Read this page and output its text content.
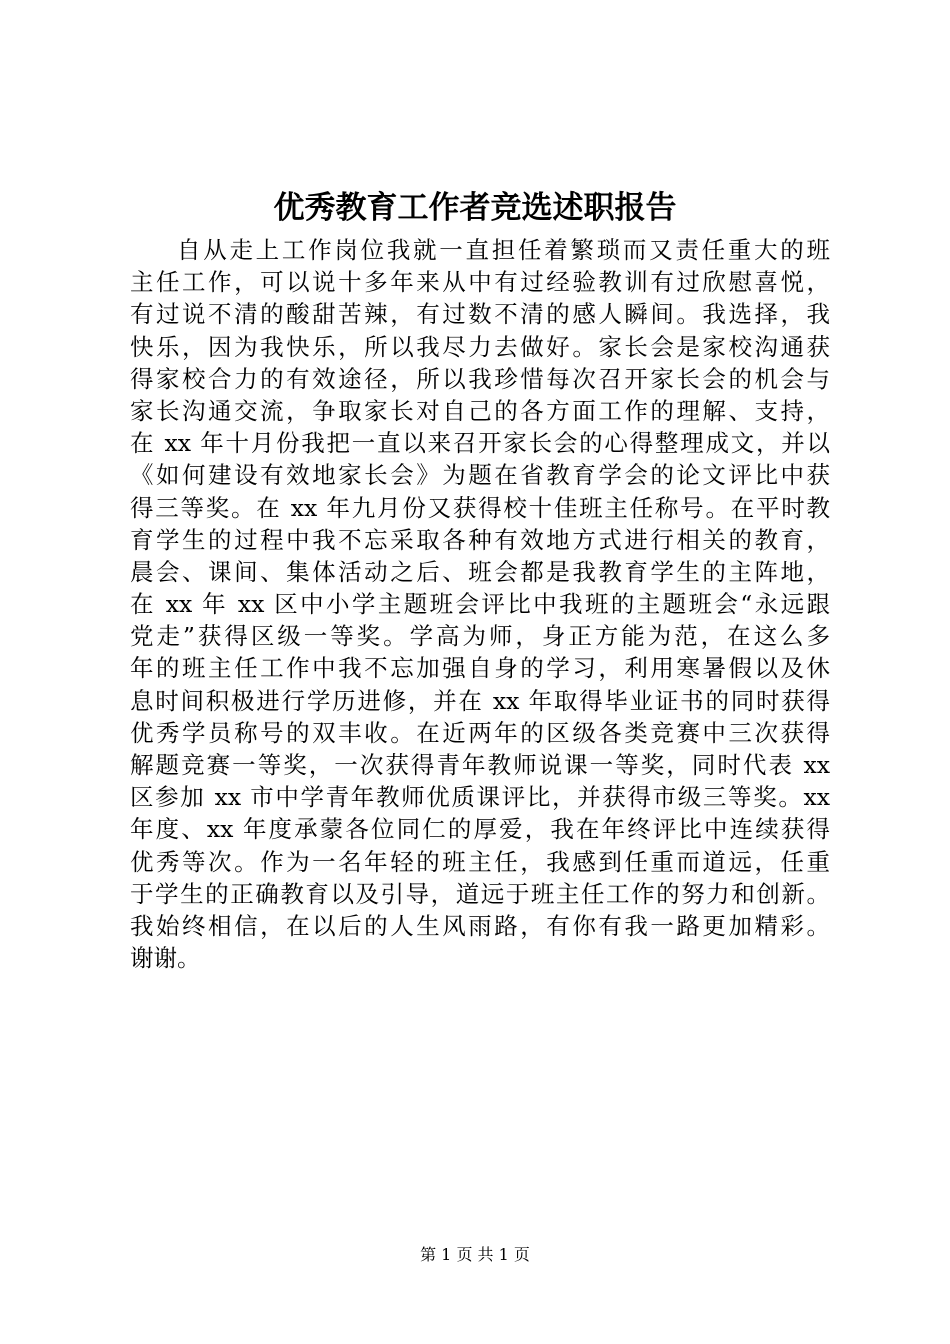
优秀教育工作者竞选述职报告
自从走上工作岗位我就一直担任着繁琐而又责任重大的班
主任工作，可以说十多年来从中有过经验教训有过欣慰喜悦，
有过说不清的酸甜苦辣，有过数不清的感人瞬间。我选择，我
快乐，因为我快乐，所以我尽力去做好。家长会是家校沟通获
得家校合力的有效途径，所以我珍惜每次召开家长会的机会与
家长沟通交流，争取家长对自己的各方面工作的理解、支持，
在 xx 年十月份我把一直以来召开家长会的心得整理成文，并以
《如何建设有效地家长会》为题在省教育学会的论文评比中获
得三等奖。在 xx 年九月份又获得校十佳班主任称号。在平时教
育学生的过程中我不忘采取各种有效地方式进行相关的教育，
晨会、课间、集体活动之后、班会都是我教育学生的主阵地，
在 xx 年 xx 区中小学主题班会评比中我班的主题班会“永远跟
党走”获得区级一等奖。学高为师，身正方能为范，在这么多
年的班主任工作中我不忘加强自身的学习，利用寒暑假以及休
息时间积极进行学历进修，并在 xx 年取得毕业证书的同时获得
优秀学员称号的双丰收。在近两年的区级各类竞赛中三次获得
解题竞赛一等奖，一次获得青年教师说课一等奖，同时代表 xx
区参加 xx 市中学青年教师优质课评比，并获得市级三等奖。xx
年度、xx 年度承蒙各位同仁的厚爱，我在年终评比中连续获得
优秀等次。作为一名年轻的班主任，我感到任重而道远，任重
于学生的正确教育以及引导，道远于班主任工作的努力和创新。
我始终相信，在以后的人生风雨路，有你有我一路更加精彩。
谢谢。
第 1 页 共 1 页
